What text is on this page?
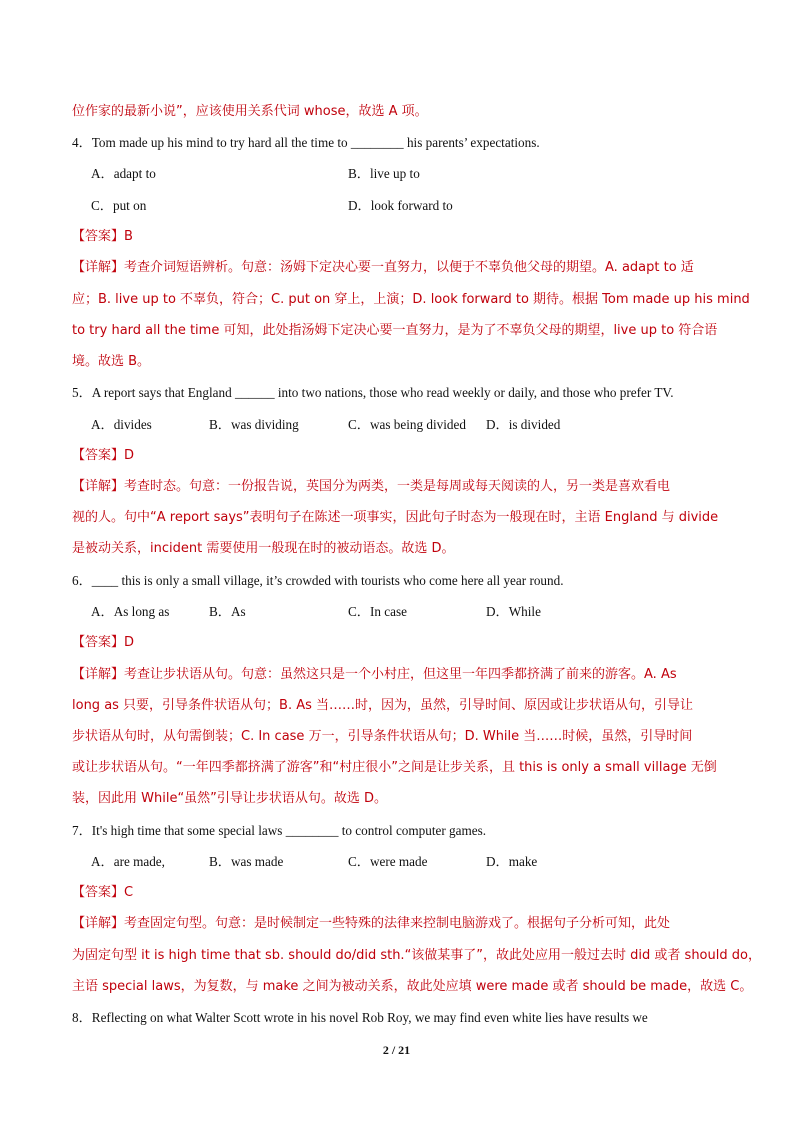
位作家的最新小说”，应该使用关系代词 whose，故选 A 项。
4．Tom made up his mind to try hard all the time to ________ his parents’ expectations.
A．adapt to	B．live up to
C．put on	D．look forward to
【答案】B
【详解】考查介词短语辨析。句意：汤姆下定决心要一直努力，以便于不辜负他父母的期望。A. adapt to 适
应；B. live up to 不辜负，符合；C. put on 穿上，上演；D. look forward to 期待。根据 Tom made up his mind
to try hard all the time 可知，此处指汤姆下定决心要一直努力，是为了不辜负父母的期望，live up to 符合语
境。故选 B。
5．A report says that England ______ into two nations, those who read weekly or daily, and those who prefer TV.
A．divides	B．was dividing	C．was being divided D．is divided
【答案】D
【详解】考查时态。句意：一份报告说，英国分为两类，一类是每周或每天阅读的人，另一类是喜欢看电
视的人。句中“A report says”表明句子在陈述一项事实，因此句子时态为一般现在时，主语 England 与 divide
是被动关系，incident 需要使用一般现在时的被动语态。故选 D。
6．____ this is only a small village, it’s crowded with tourists who come here all year round.
A．As long as	B．As	C．In case	D．While
【答案】D
【详解】考查让步状语从句。句意：虽然这只是一个小村庄，但这里一年四季都挤满了前来的游客。A. As
long as 只要，引导条件状语从句；B. As 当……时，因为，虽然，引导时间、原因或让步状语从句，引导让
步状语从句时，从句需倒装；C. In case 万一，引导条件状语从句；D. While 当……时候，虽然，引导时间
或让步状语从句。“一年四季都挤满了游客”和“村庄很小”之间是让步关系，且 this is only a small village 无倒
装，因此用 While“虽然”引导让步状语从句。故选 D。
7．It's high time that some special laws ________ to control computer games.
A．are made,	B．was made	C．were made	D．make
【答案】C
【详解】考查固定句型。句意：是时候制定一些特殊的法律来控制电脑游戏了。根据句子分析可知，此处
为固定句型 it is high time that sb. should do/did sth.“该做某事了”，故此处应用一般过去时 did 或者 should do，
主语 special laws，为复数，与 make 之间为被动关系，故此处应填 were made 或者 should be made，故选 C。
8．Reflecting on what Walter Scott wrote in his novel Rob Roy, we may find even white lies have results we
2 / 21
